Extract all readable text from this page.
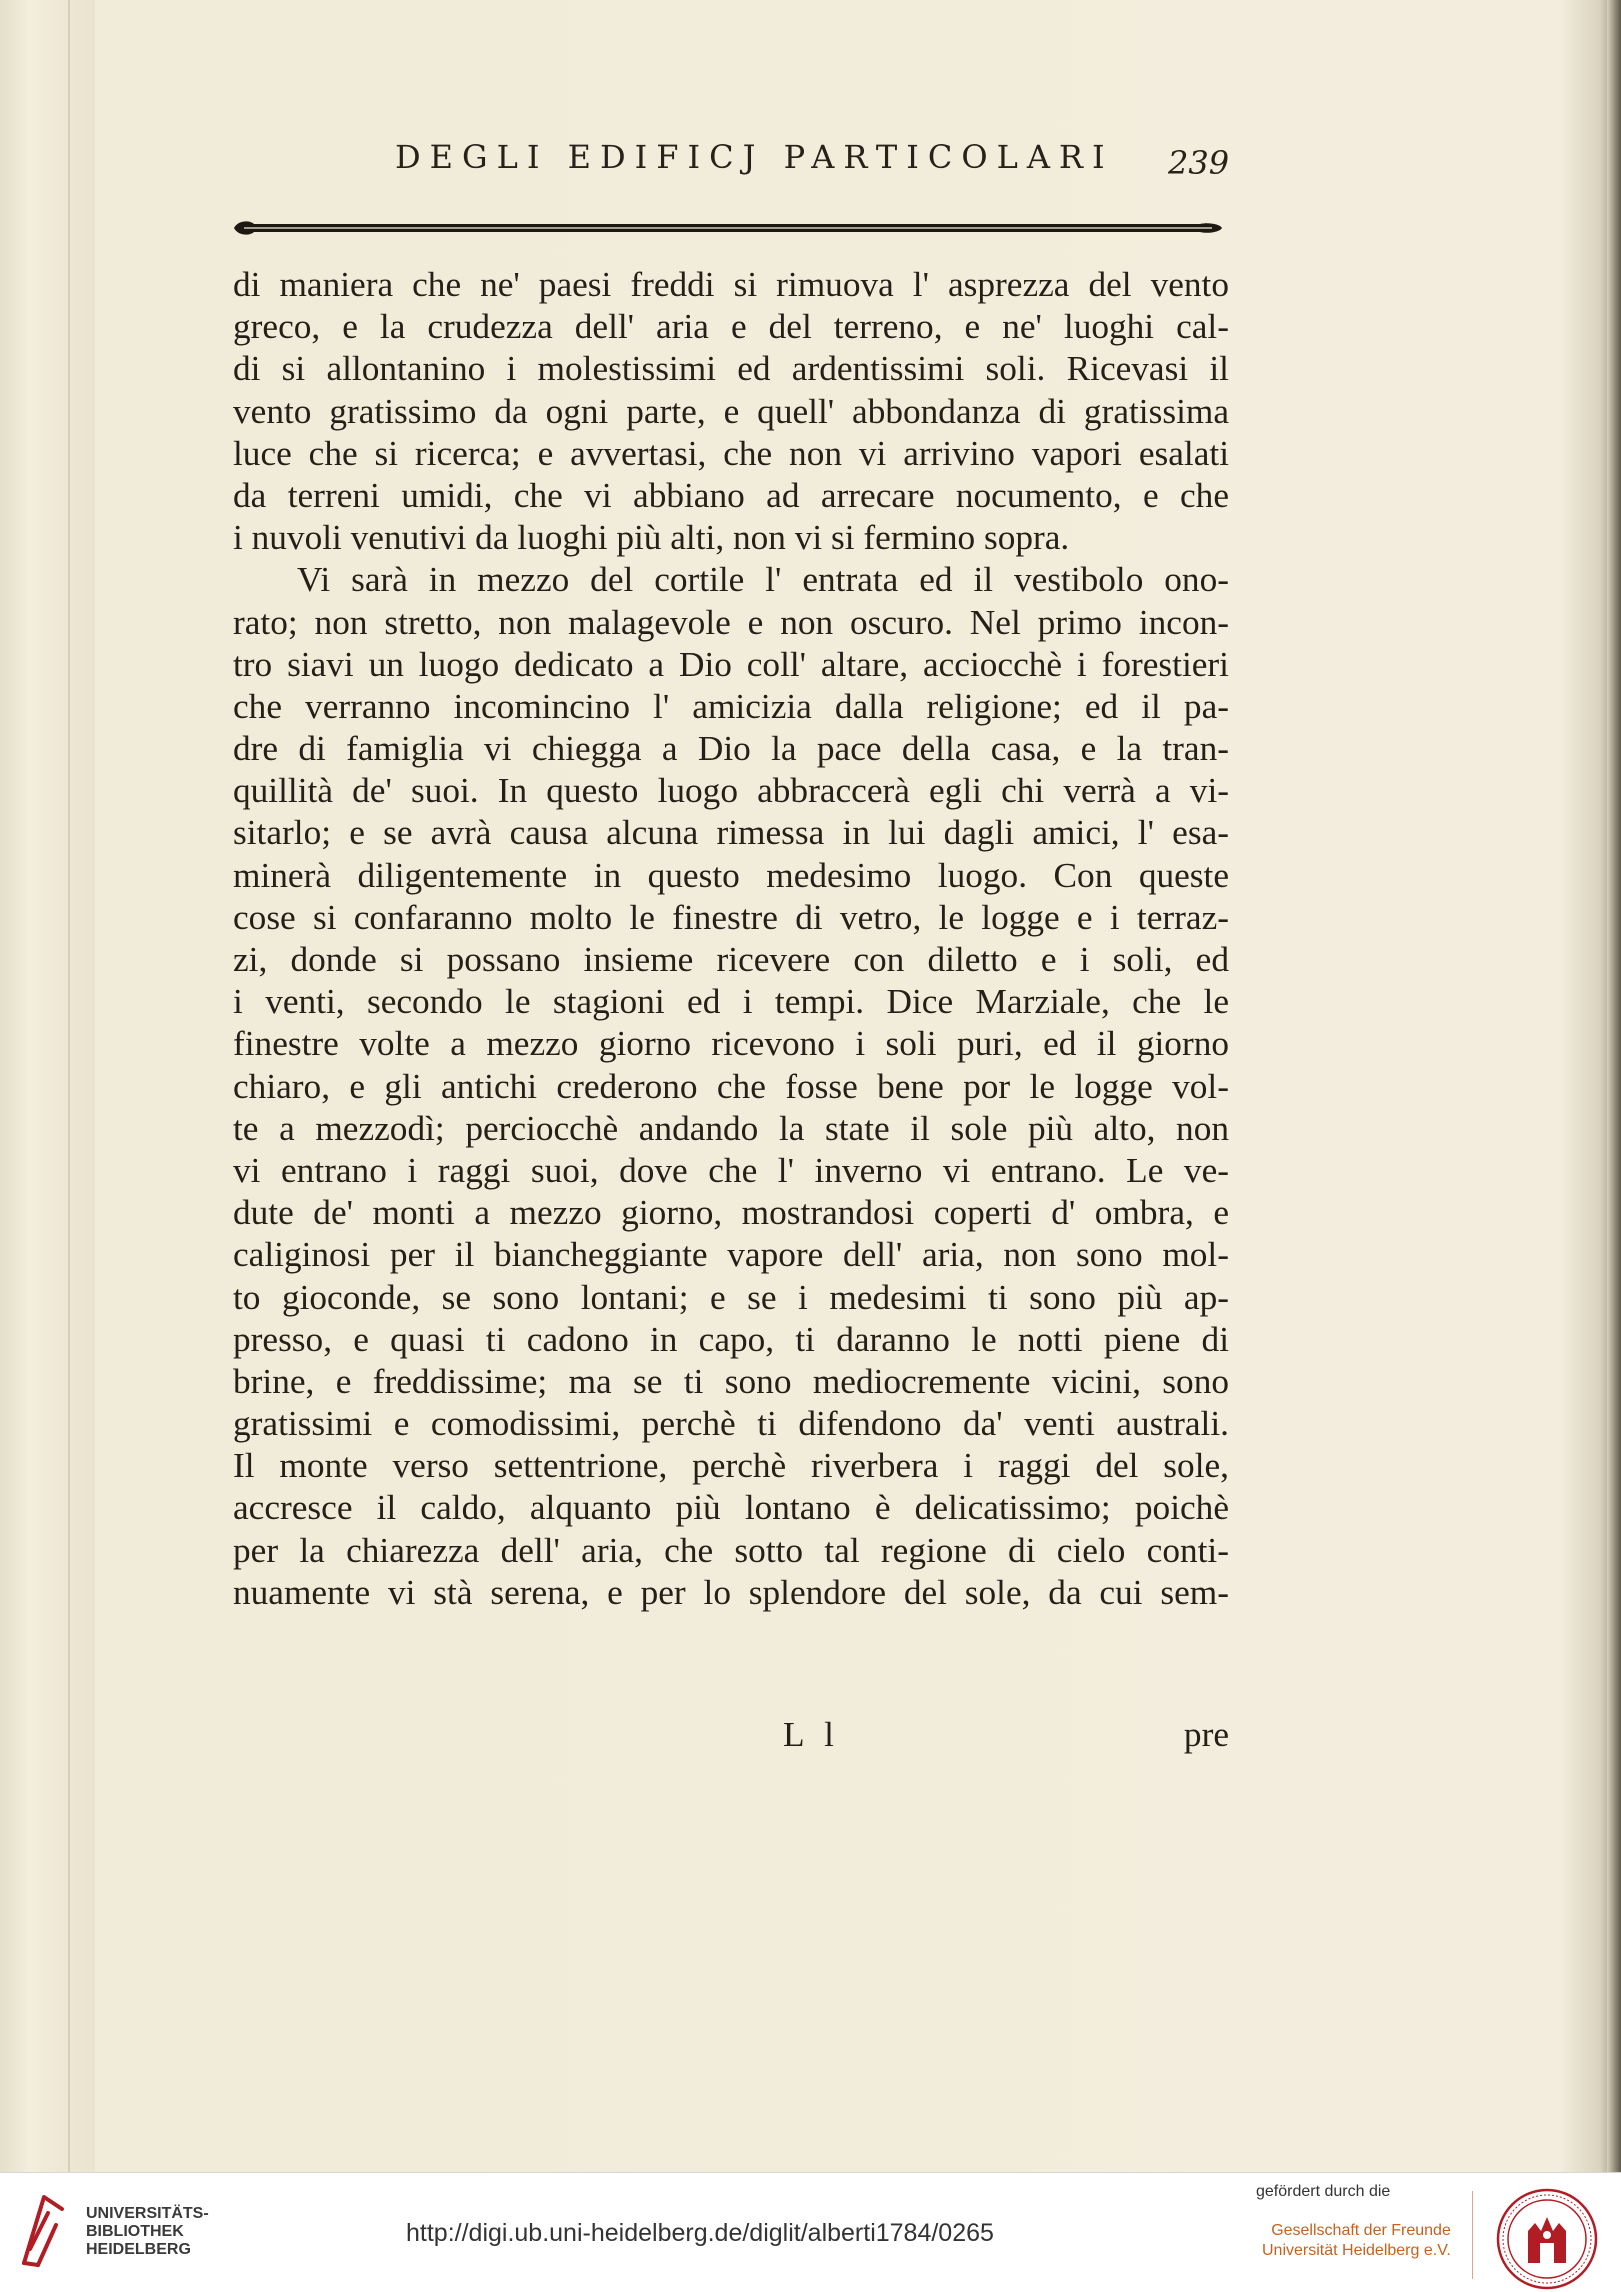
DEGLI EDIFICJ PARTICOLARI 239
di maniera che ne' paesi freddi si rimuova l' asprezza del vento
greco, e la crudezza dell' aria e del terreno, e ne' luoghi cal-
di si allontanino i molestissimi ed ardentissimi soli. Ricevasi il
vento gratissimo da ogni parte, e quell' abbondanza di gratissima
luce che si ricerca; e avvertasi, che non vi arrivino vapori esalati
da terreni umidi, che vi abbiano ad arrecare nocumento, e che
i nuvoli venutivi da luoghi più alti, non vi si fermino sopra.
Vi sarà in mezzo del cortile l' entrata ed il vestibolo ono-
rato; non stretto, non malagevole e non oscuro. Nel primo incon-
tro siavi un luogo dedicato a Dio coll' altare, acciocchè i forestieri
che verranno incomincino l' amicizia dalla religione; ed il pa-
dre di famiglia vi chiegga a Dio la pace della casa, e la tran-
quillità de' suoi. In questo luogo abbraccerà egli chi verrà a vi-
sitarlo; e se avrà causa alcuna rimessa in lui dagli amici, l' esa-
minerà diligentemente in questo medesimo luogo. Con queste
cose si confaranno molto le finestre di vetro, le logge e i terraz-
zi, donde si possano insieme ricevere con diletto e i soli, ed
i venti, secondo le stagioni ed i tempi. Dice Marziale, che le
finestre volte a mezzo giorno ricevono i soli puri, ed il giorno
chiaro, e gli antichi crederono che fosse bene por le logge vol-
te a mezzodì; perciocchè andando la state il sole più alto, non
vi entrano i raggi suoi, dove che l' inverno vi entrano. Le ve-
dute de' monti a mezzo giorno, mostrandosi coperti d' ombra, e
caliginosi per il biancheggiante vapore dell' aria, non sono mol-
to gioconde, se sono lontani; e se i medesimi ti sono più ap-
presso, e quasi ti cadono in capo, ti daranno le notti piene di
brine, e freddissime; ma se ti sono mediocremente vicini, sono
gratissimi e comodissimi, perchè ti difendono da' venti australi.
Il monte verso settentrione, perchè riverbera i raggi del sole,
accresce il caldo, alquanto più lontano è delicatissimo; poichè
per la chiarezza dell' aria, che sotto tal regione di cielo conti-
nuamente vi stà serena, e per lo splendore del sole, da cui sem-
L l	pre
UNIVERSITÄTS-
BIBLIOTHEK
HEIDELBERG
http://digi.ub.uni-heidelberg.de/diglit/alberti1784/0265
gefördert durch die
Gesellschaft der Freunde
Universität Heidelberg e.V.
